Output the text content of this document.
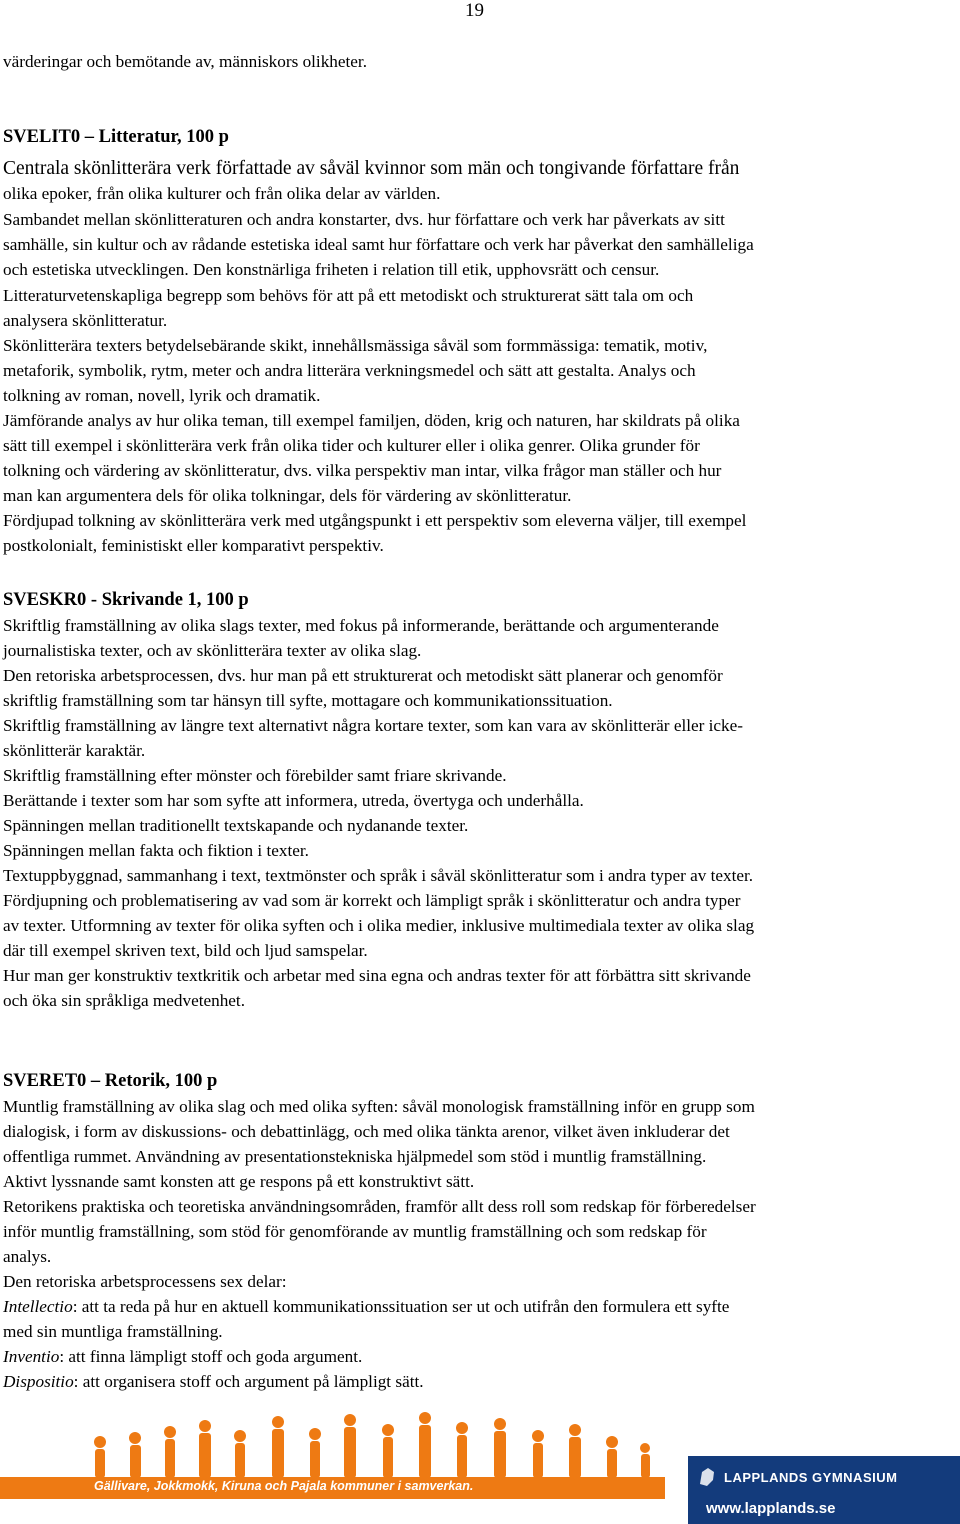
19
värderingar och bemötande av, människors olikheter.
SVELIT0 – Litteratur, 100 p
Centrala skönlitterära verk författade av såväl kvinnor som män och tongivande författare från
olika epoker, från olika kulturer och från olika delar av världen.
Sambandet mellan skönlitteraturen och andra konstarter, dvs. hur författare och verk har påverkats av sitt
samhälle, sin kultur och av rådande estetiska ideal samt hur författare och verk har påverkat den samhälleliga
och estetiska utvecklingen. Den konstnärliga friheten i relation till etik, upphovsrätt och censur.
Litteraturvetenskapliga begrepp som behövs för att på ett metodiskt och strukturerat sätt tala om och
analysera skönlitteratur.
Skönlitterära texters betydelsebärande skikt, innehållsmässiga såväl som formmässiga: tematik, motiv,
metaforik, symbolik, rytm, meter och andra litterära verkningsmedel och sätt att gestalta. Analys och
tolkning av roman, novell, lyrik och dramatik.
Jämförande analys av hur olika teman, till exempel familjen, döden, krig och naturen, har skildrats på olika
sätt till exempel i skönlitterära verk från olika tider och kulturer eller i olika genrer. Olika grunder för
tolkning och värdering av skönlitteratur, dvs. vilka perspektiv man intar, vilka frågor man ställer och hur
man kan argumentera dels för olika tolkningar, dels för värdering av skönlitteratur.
Fördjupad tolkning av skönlitterära verk med utgångspunkt i ett perspektiv som eleverna väljer, till exempel
postkolonialt, feministiskt eller komparativt perspektiv.
SVESKR0 - Skrivande 1, 100 p
Skriftlig framställning av olika slags texter, med fokus på informerande, berättande och argumenterande
journalistiska texter, och av skönlitterära texter av olika slag.
Den retoriska arbetsprocessen, dvs. hur man på ett strukturerat och metodiskt sätt planerar och genomför
skriftlig framställning som tar hänsyn till syfte, mottagare och kommunikationssituation.
Skriftlig framställning av längre text alternativt några kortare texter, som kan vara av skönlitterär eller icke-
skönlitterär karaktär.
Skriftlig framställning efter mönster och förebilder samt friare skrivande.
Berättande i texter som har som syfte att informera, utreda, övertyga och underhålla.
Spänningen mellan traditionellt textskapande och nydanande texter.
Spänningen mellan fakta och fiktion i texter.
Textuppbyggnad, sammanhang i text, textmönster och språk i såväl skönlitteratur som i andra typer av texter.
Fördjupning och problematisering av vad som är korrekt och lämpligt språk i skönlitteratur och andra typer
av texter. Utformning av texter för olika syften och i olika medier, inklusive multimediala texter av olika slag
där till exempel skriven text, bild och ljud samspelar.
Hur man ger konstruktiv textkritik och arbetar med sina egna och andras texter för att förbättra sitt skrivande
och öka sin språkliga medvetenhet.
SVERET0 – Retorik, 100 p
Muntlig framställning av olika slag och med olika syften: såväl monologisk framställning inför en grupp som
dialogisk, i form av diskussions- och debattinlägg, och med olika tänkta arenor, vilket även inkluderar det
offentliga rummet. Användning av presentationstekniska hjälpmedel som stöd i muntlig framställning.
Aktivt lyssnande samt konsten att ge respons på ett konstruktivt sätt.
Retorikens praktiska och teoretiska användningsområden, framför allt dess roll som redskap för förberedelser
inför muntlig framställning, som stöd för genomförande av muntlig framställning och som redskap för
analys.
Den retoriska arbetsprocessens sex delar:
Intellectio: att ta reda på hur en aktuell kommunikationssituation ser ut och utifrån den formulera ett syfte
med sin muntliga framställning.
Inventio: att finna lämpligt stoff och goda argument.
Dispositio: att organisera stoff och argument på lämpligt sätt.
Gällivare, Jokkmokk, Kiruna och Pajala kommuner i samverkan.
LAPPLANDS GYMNASIUM
www.lapplands.se
